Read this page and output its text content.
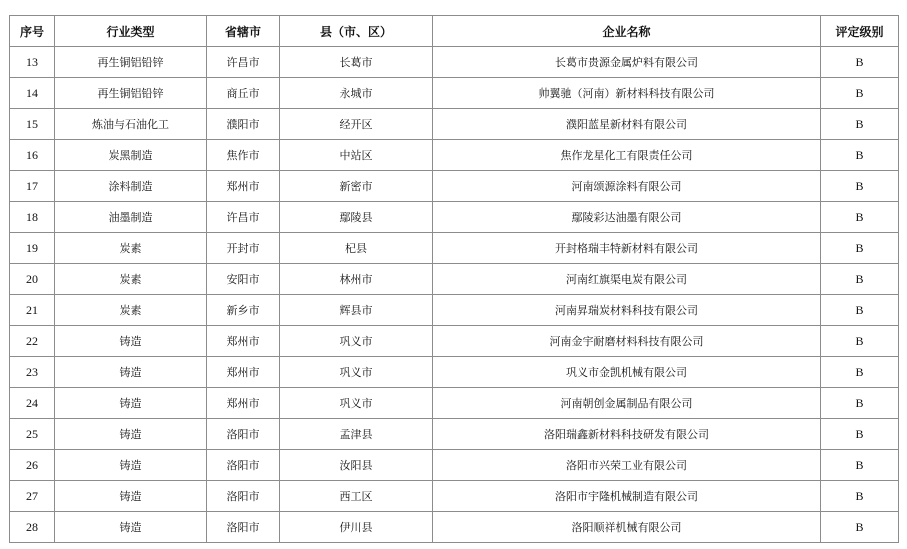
序号	行业类型	省辖市	县（市、区）	企业名称	评定级别
13	再生铜铝铅锌	许昌市	长葛市	长葛市贵源金属炉料有限公司	B
14	再生铜铝铅锌	商丘市	永城市	帅翼驰（河南）新材料科技有限公司	B
15	炼油与石油化工	濮阳市	经开区	濮阳蓝星新材料有限公司	B
16	炭黑制造	焦作市	中站区	焦作龙星化工有限责任公司	B
17	涂料制造	郑州市	新密市	河南颂源涂料有限公司	B
18	油墨制造	许昌市	鄢陵县	鄢陵彩达油墨有限公司	B
19	炭素	开封市	杞县	开封格瑞丰特新材料有限公司	B
20	炭素	安阳市	林州市	河南红旗渠电炭有限公司	B
21	炭素	新乡市	辉县市	河南昇瑞炭材料科技有限公司	B
22	铸造	郑州市	巩义市	河南金宇耐磨材料科技有限公司	B
23	铸造	郑州市	巩义市	巩义市金凯机械有限公司	B
24	铸造	郑州市	巩义市	河南朝创金属制品有限公司	B
25	铸造	洛阳市	孟津县	洛阳瑞鑫新材料科技研发有限公司	B
26	铸造	洛阳市	汝阳县	洛阳市兴荣工业有限公司	B
27	铸造	洛阳市	西工区	洛阳市宇隆机械制造有限公司	B
28	铸造	洛阳市	伊川县	洛阳顺祥机械有限公司	B
